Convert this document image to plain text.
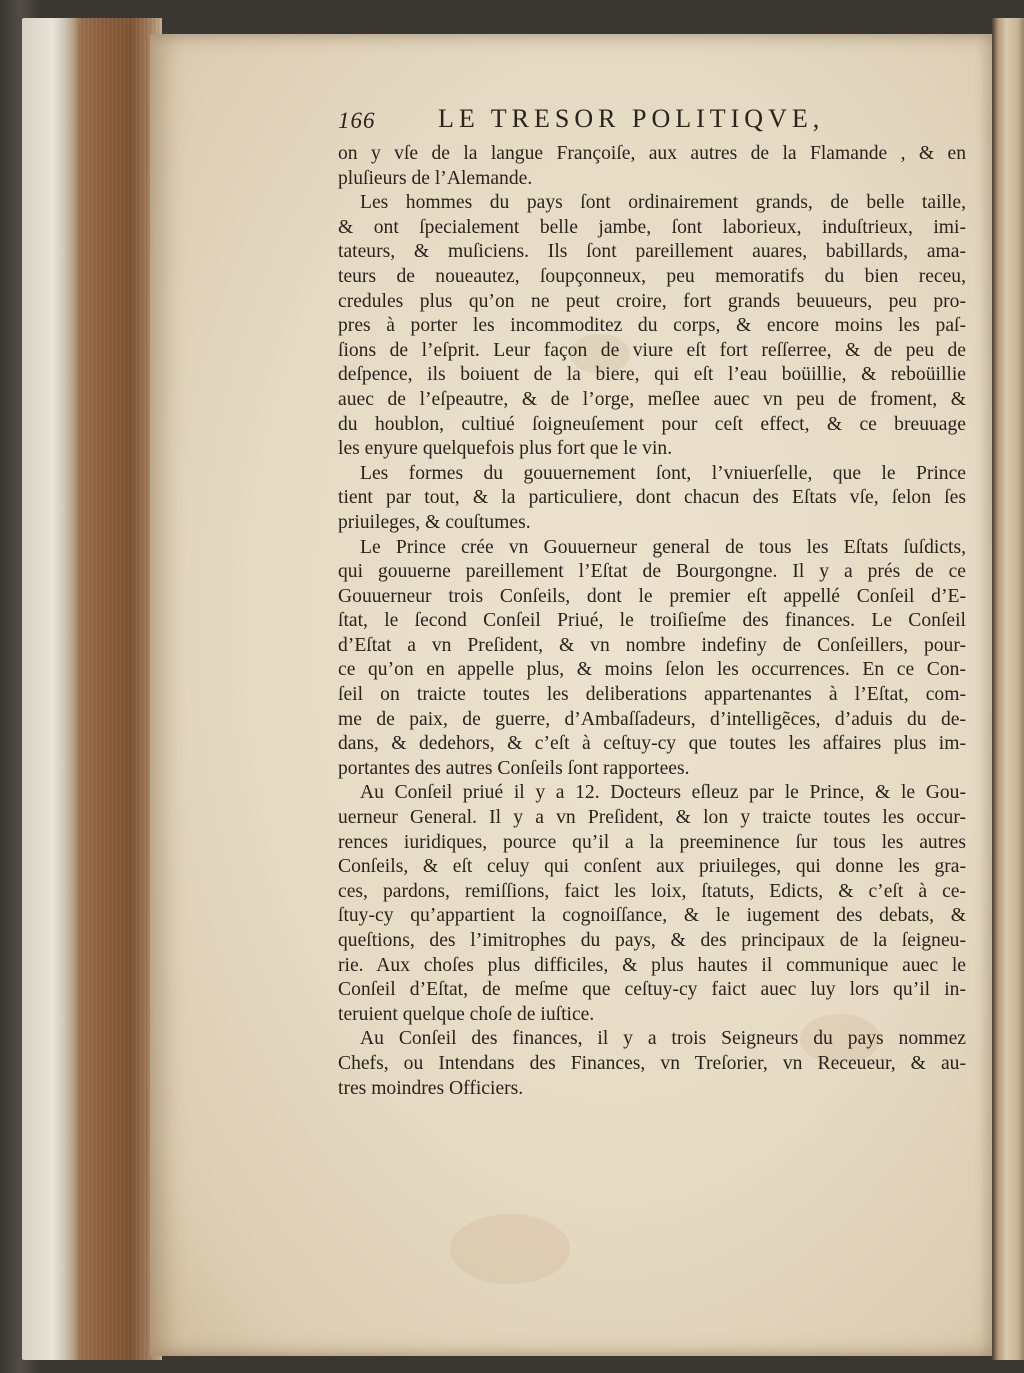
166 LE TRESOR POLITIQVE,
on y vſe de la langue Françoiſe, aux autres de la Flamande , & en
pluſieurs de l’Alemande.
Les hommes du pays ſont ordinairement grands, de belle taille,
& ont ſpecialement belle jambe, ſont laborieux, induſtrieux, imi-
tateurs, & muſiciens. Ils ſont pareillement auares, babillards, ama-
teurs de noueautez, ſoupçonneux, peu memoratifs du bien receu,
credules plus qu’on ne peut croire, fort grands beuueurs, peu pro-
pres à porter les incommoditez du corps, & encore moins les paſ-
ſions de l’eſprit. Leur façon de viure eſt fort reſſerree, & de peu de
deſpence, ils boiuent de la biere, qui eſt l’eau boüillie, & reboüillie
auec de l’eſpeautre, & de l’orge, meſlee auec vn peu de froment, &
du houblon, cultiué ſoigneuſement pour ceſt effect, & ce breuuage
les enyure quelquefois plus fort que le vin.
Les formes du gouuernement ſont, l’vniuerſelle, que le Prince
tient par tout, & la particuliere, dont chacun des Eſtats vſe, ſelon ſes
priuileges, & couſtumes.
Le Prince crée vn Gouuerneur general de tous les Eſtats ſuſdicts,
qui gouuerne pareillement l’Eſtat de Bourgongne. Il y a prés de ce
Gouuerneur trois Conſeils, dont le premier eſt appellé Conſeil d’E-
ſtat, le ſecond Conſeil Priué, le troiſieſme des finances. Le Conſeil
d’Eſtat a vn Preſident, & vn nombre indefiny de Conſeillers, pour-
ce qu’on en appelle plus, & moins ſelon les occurrences. En ce Con-
ſeil on traicte toutes les deliberations appartenantes à l’Eſtat, com-
me de paix, de guerre, d’Ambaſſadeurs, d’intelligẽces, d’aduis du de-
dans, & dedehors, & c’eſt à ceſtuy-cy que toutes les affaires plus im-
portantes des autres Conſeils ſont rapportees.
Au Conſeil priué il y a 12. Docteurs eſleuz par le Prince, & le Gou-
uerneur General. Il y a vn Preſident, & lon y traicte toutes les occur-
rences iuridiques, pource qu’il a la preeminence ſur tous les autres
Conſeils, & eſt celuy qui conſent aux priuileges, qui donne les gra-
ces, pardons, remiſſions, faict les loix, ſtatuts, Edicts, & c’eſt à ce-
ſtuy-cy qu’appartient la cognoiſſance, & le iugement des debats, &
queſtions, des l’imitrophes du pays, & des principaux de la ſeigneu-
rie. Aux choſes plus difficiles, & plus hautes il communique auec le
Conſeil d’Eſtat, de meſme que ceſtuy-cy faict auec luy lors qu’il in-
teruient quelque choſe de iuſtice.
Au Conſeil des finances, il y a trois Seigneurs du pays nommez
Chefs, ou Intendans des Finances, vn Treſorier, vn Receueur, & au-
tres moindres Officiers.
